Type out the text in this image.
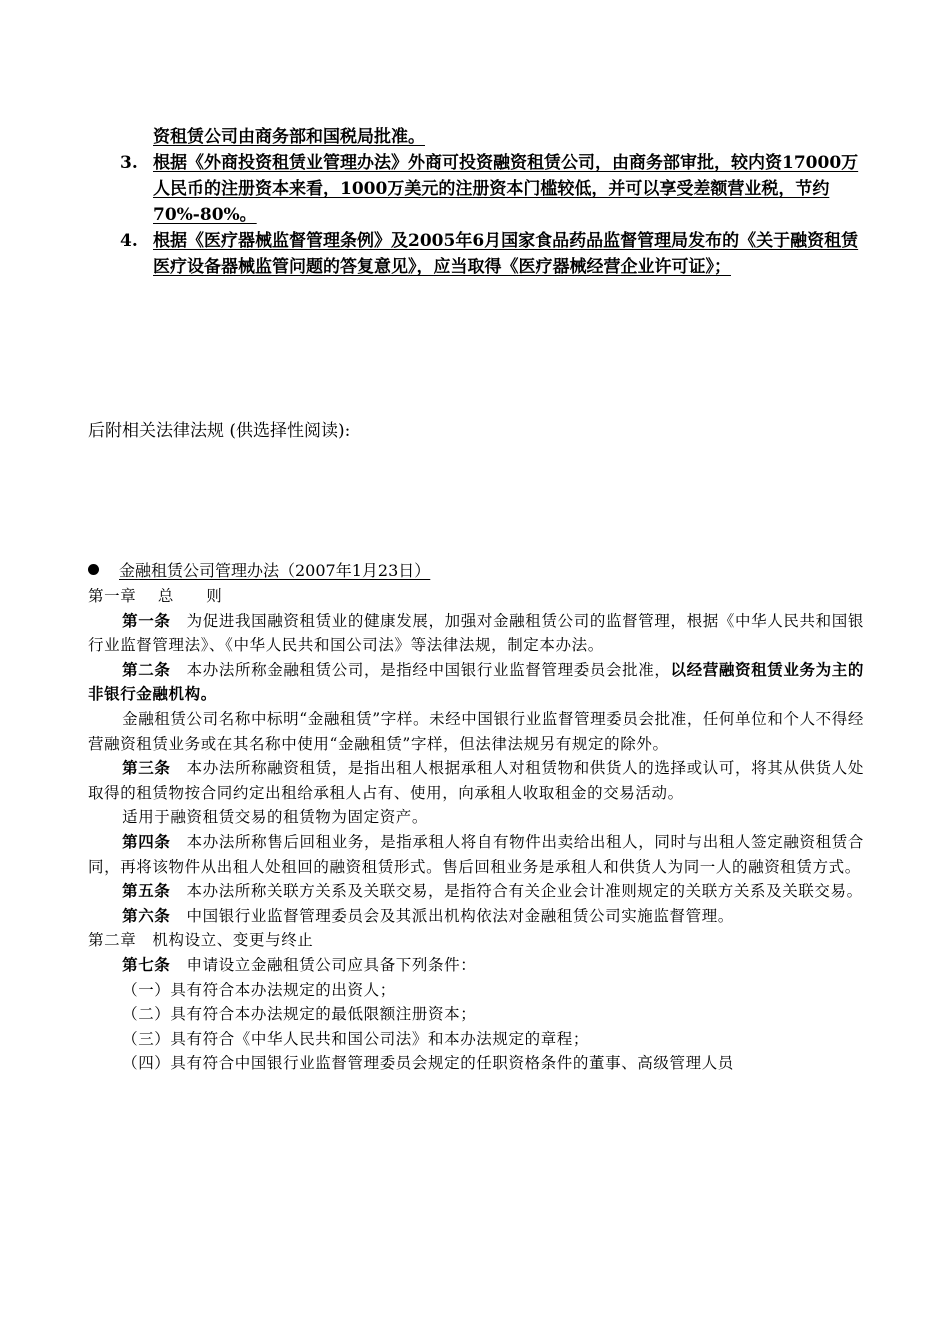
资租赁公司由商务部和国税局批准。
3. 根据《外商投资租赁业管理办法》外商可投资融资租赁公司，由商务部审批，较内资17000万人民币的注册资本来看，1000万美元的注册资本门槛较低，并可以享受差额营业税，节约70%-80%。
4. 根据《医疗器械监督管理条例》及2005年6月国家食品药品监督管理局发布的《关于融资租赁医疗设备器械监管问题的答复意见》，应当取得《医疗器械经营企业许可证》；
后附相关法律法规 (供选择性阅读):
金融租赁公司管理办法（2007年1月23日）

第一章　 总　　则

第一条　为促进我国融资租赁业的健康发展，加强对金融租赁公司的监督管理，根据《中华人民共和国银行业监督管理法》、《中华人民共和国公司法》等法律法规，制定本办法。

第二条　本办法所称金融租赁公司，是指经中国银行业监督管理委员会批准，以经营融资租赁业务为主的非银行金融机构。

金融租赁公司名称中标明“金融租赁”字样。未经中国银行业监督管理委员会批准，任何单位和个人不得经营融资租赁业务或在其名称中使用“金融租赁”字样，但法律法规另有规定的除外。

第三条　本办法所称融资租赁，是指出租人根据承租人对租赁物和供货人的选择或认可，将其从供货人处取得的租赁物按合同约定出租给承租人占有、使用，向承租人收取租金的交易活动。

适用于融资租赁交易的租赁物为固定资产。

第四条　本办法所称售后回租业务，是指承租人将自有物件出卖给出租人，同时与出租人签定融资租赁合同，再将该物件从出租人处租回的融资租赁形式。售后回租业务是承租人和供货人为同一人的融资租赁方式。

第五条　本办法所称关联方关系及关联交易，是指符合有关企业会计准则规定的关联方关系及关联交易。

第六条　中国银行业监督管理委员会及其派出机构依法对金融租赁公司实施监督管理。

第二章　机构设立、变更与终止

第七条　申请设立金融租赁公司应具备下列条件：

（一）具有符合本办法规定的出资人；

（二）具有符合本办法规定的最低限额注册资本；

（三）具有符合《中华人民共和国公司法》和本办法规定的章程；

（四）具有符合中国银行业监督管理委员会规定的任职资格条件的董事、高级管理人员
